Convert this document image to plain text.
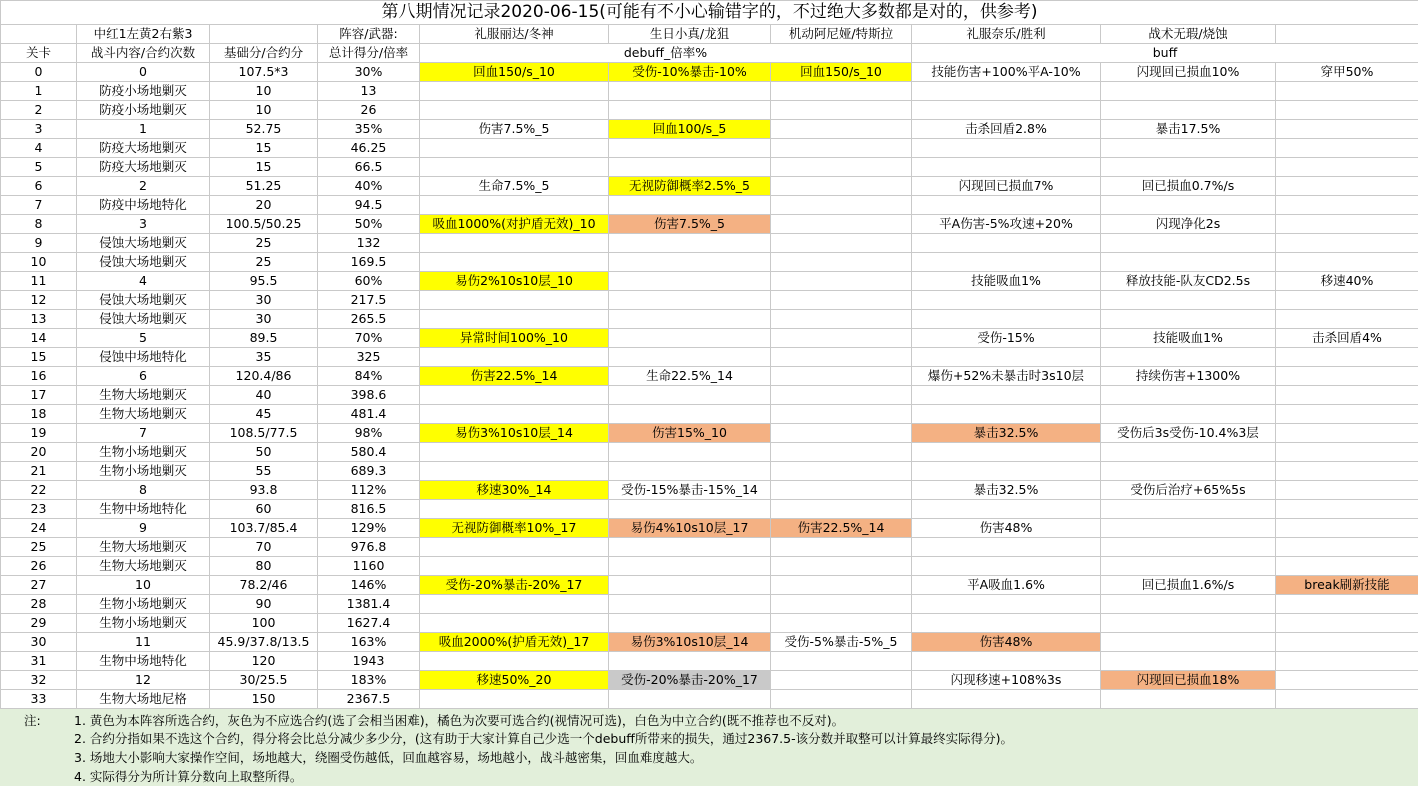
第八期情况记录2020-06-15(可能有不小心输错字的，不过绝大多数都是对的，供参考)									
	中红1左黄2右紫3		阵容/武器:	礼服丽达/冬神	生日小真/龙狙	机动阿尼娅/特斯拉	礼服奈乐/胜利	战术无瑕/烧蚀	
关卡	战斗内容/合约次数	基础分/合约分	总计得分/倍率	debuff_倍率%			buff		
0	0	107.5*3	30%	回血150/s_10	受伤-10%暴击-10%	回血150/s_10	技能伤害+100%平A-10%	闪现回已损血10%	穿甲50%
1	防疫小场地剿灭	10	13						
2	防疫小场地剿灭	10	26						
3	1	52.75	35%	伤害7.5%_5	回血100/s_5		击杀回盾2.8%	暴击17.5%	
4	防疫大场地剿灭	15	46.25						
5	防疫大场地剿灭	15	66.5						
6	2	51.25	40%	生命7.5%_5	无视防御概率2.5%_5		闪现回已损血7%	回已损血0.7%/s	
7	防疫中场地特化	20	94.5						
8	3	100.5/50.25	50%	吸血1000%(对护盾无效)_10	伤害7.5%_5		平A伤害-5%攻速+20%	闪现净化2s	
9	侵蚀大场地剿灭	25	132						
10	侵蚀大场地剿灭	25	169.5						
11	4	95.5	60%	易伤2%10s10层_10			技能吸血1%	释放技能-队友CD2.5s	移速40%
12	侵蚀大场地剿灭	30	217.5						
13	侵蚀大场地剿灭	30	265.5						
14	5	89.5	70%	异常时间100%_10			受伤-15%	技能吸血1%	击杀回盾4%
15	侵蚀中场地特化	35	325						
16	6	120.4/86	84%	伤害22.5%_14	生命22.5%_14		爆伤+52%未暴击时3s10层	持续伤害+1300%	
17	生物大场地剿灭	40	398.6						
18	生物大场地剿灭	45	481.4						
19	7	108.5/77.5	98%	易伤3%10s10层_14	伤害15%_10		暴击32.5%	受伤后3s受伤-10.4%3层	
20	生物小场地剿灭	50	580.4						
21	生物小场地剿灭	55	689.3						
22	8	93.8	112%	移速30%_14	受伤-15%暴击-15%_14		暴击32.5%	受伤后治疗+65%5s	
23	生物中场地特化	60	816.5						
24	9	103.7/85.4	129%	无视防御概率10%_17	易伤4%10s10层_17	伤害22.5%_14	伤害48%		
25	生物大场地剿灭	70	976.8						
26	生物大场地剿灭	80	1160						
27	10	78.2/46	146%	受伤-20%暴击-20%_17			平A吸血1.6%	回已损血1.6%/s	break刷新技能
28	生物小场地剿灭	90	1381.4						
29	生物小场地剿灭	100	1627.4						
30	11	45.9/37.8/13.5	163%	吸血2000%(护盾无效)_17	易伤3%10s10层_14	受伤-5%暴击-5%_5	伤害48%		
31	生物中场地特化	120	1943						
32	12	30/25.5	183%	移速50%_20	受伤-20%暴击-20%_17		闪现移速+108%3s	闪现回已损血18%	
33	生物大场地尼格	150	2367.5						
注:	1. 黄色为本阵容所选合约，灰色为不应选合约(选了会相当困难)，橘色为次要可选合约(视情况可选)，白色为中立合约(既不推荐也不反对)。
2. 合约分指如果不选这个合约，得分将会比总分减少多少分，(这有助于大家计算自己少选一个debuff所带来的损失，通过2367.5-该分数并取整可以计算最终实际得分)。
3. 场地大小影响大家操作空间，场地越大，绕圈受伤越低，回血越容易，场地越小，战斗越密集，回血难度越大。
4. 实际得分为所计算分数向上取整所得。
